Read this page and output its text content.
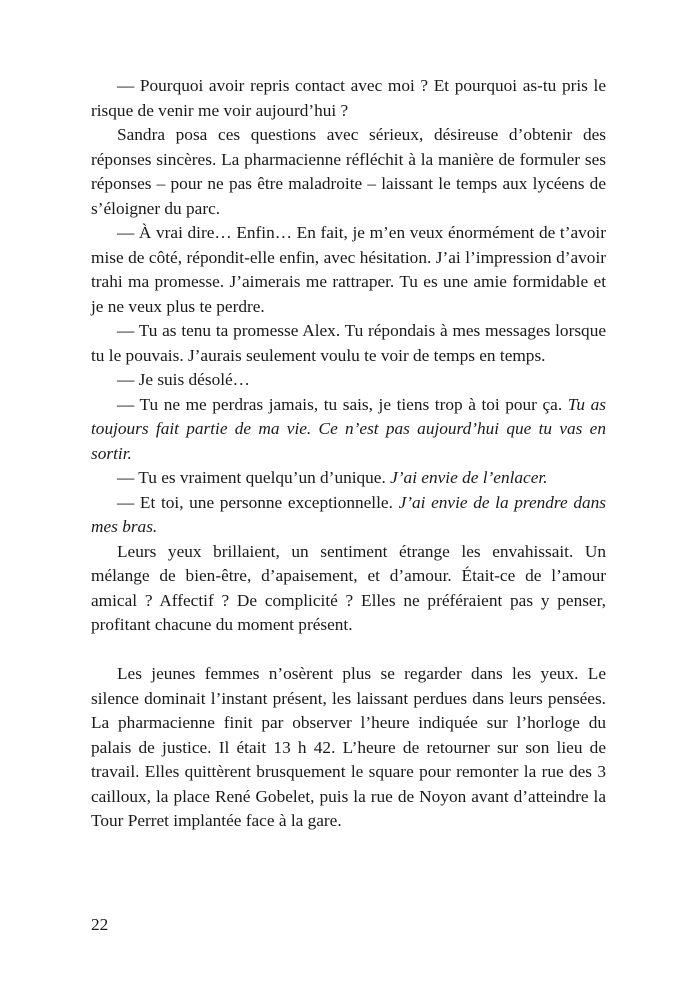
— Pourquoi avoir repris contact avec moi ? Et pourquoi as-tu pris le risque de venir me voir aujourd’hui ?

Sandra posa ces questions avec sérieux, désireuse d’obtenir des réponses sincères. La pharmacienne réfléchit à la manière de formuler ses réponses – pour ne pas être maladroite – laissant le temps aux lycéens de s’éloigner du parc.

— À vrai dire… Enfin… En fait, je m’en veux énormément de t’avoir mise de côté, répondit-elle enfin, avec hésitation. J’ai l’impression d’avoir trahi ma promesse. J’aimerais me rattraper. Tu es une amie formidable et je ne veux plus te perdre.

— Tu as tenu ta promesse Alex. Tu répondais à mes messages lorsque tu le pouvais. J’aurais seulement voulu te voir de temps en temps.

— Je suis désolé…

— Tu ne me perdras jamais, tu sais, je tiens trop à toi pour ça. Tu as toujours fait partie de ma vie. Ce n’est pas aujourd’hui que tu vas en sortir.

— Tu es vraiment quelqu’un d’unique. J’ai envie de l’enlacer.

— Et toi, une personne exceptionnelle. J’ai envie de la prendre dans mes bras.

Leurs yeux brillaient, un sentiment étrange les envahissait. Un mélange de bien-être, d’apaisement, et d’amour. Était-ce de l’amour amical ? Affectif ? De complicité ? Elles ne préféraient pas y penser, profitant chacune du moment présent.

Les jeunes femmes n’osèrent plus se regarder dans les yeux. Le silence dominait l’instant présent, les laissant perdues dans leurs pensées. La pharmacienne finit par observer l’heure indiquée sur l’horloge du palais de justice. Il était 13 h 42. L’heure de retourner sur son lieu de travail. Elles quittèrent brusquement le square pour remonter la rue des 3 cailloux, la place René Gobelet, puis la rue de Noyon avant d’atteindre la Tour Perret implantée face à la gare.

22
